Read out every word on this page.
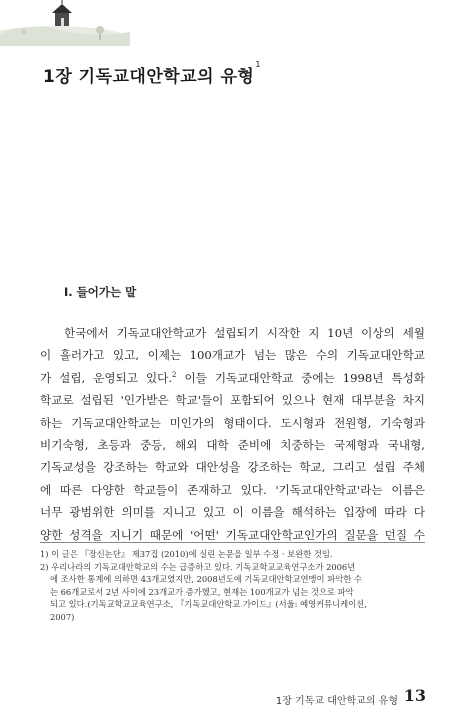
1장 기독교대안학교의 유형$^1$
Ⅰ. 들어가는 말
한국에서 기독교대안학교가 설립되기 시작한 지 10년 이상의 세월
이 흘러가고 있고, 이제는 100개교가 넘는 많은 수의 기독교대안학교
가 설립, 운영되고 있다.$^2$ 이들 기독교대안학교 중에는 1998년 특성화
학교로 설립된 '인가받은 학교'들이 포함되어 있으나 현재 대부분을 차지
하는 기독교대안학교는 미인가의 형태이다. 도시형과 전원형, 기숙형과
비기숙형, 초등과 중등, 해외 대학 준비에 치중하는 국제형과 국내형,
기독교성을 강조하는 학교와 대안성을 강조하는 학교, 그리고 설립 주체
에 따른 다양한 학교들이 존재하고 있다. '기독교대안학교'라는 이름은
너무 광범위한 의미를 지니고 있고 이 이름을 해석하는 입장에 따라 다
양한 성격을 지니기 때문에 '어떤' 기독교대안학교인가의 질문을 던질 수
1) 이 글은 『장신논단』 제37집 (2010)에 실린 논문을 일부 수정 · 보완한 것임.
2) 우리나라의 기독교대안학교의 수는 급증하고 있다. 기독교학교교육연구소가 2006년
에 조사한 통계에 의하면 43개교였지만, 2008년도에 기독교대안학교연맹이 파악한 수
는 66개교로서 2년 사이에 23개교가 증가했고, 현재는 100개교가 넘는 것으로 파악
되고 있다.(기독교학교교육연구소, 『기독교대안학교 가이드』(서울: 예영커뮤니케이션,
2007)
1장 기독교 대안학교의 유형 13
